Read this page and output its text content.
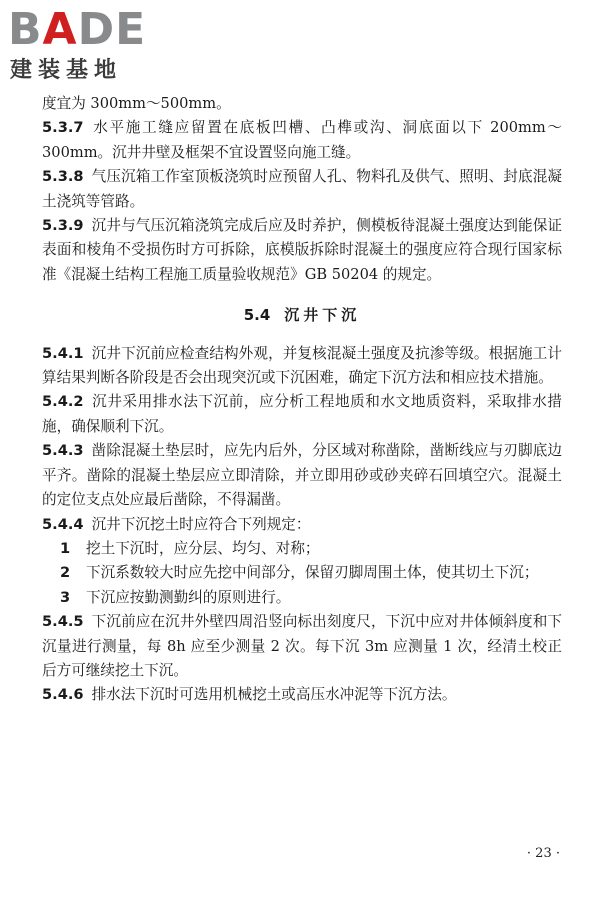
BADE
建装基地

度宜为 300mm～500mm。

5.3.7 水平施工缝应留置在底板凹槽、凸榫或沟、洞底面以下 200mm～300mm。沉井井壁及框架不宜设置竖向施工缝。

5.3.8 气压沉箱工作室顶板浇筑时应预留人孔、物料孔及供气、照明、封底混凝土浇筑等管路。

5.3.9 沉井与气压沉箱浇筑完成后应及时养护，侧模板待混凝土强度达到能保证表面和棱角不受损伤时方可拆除，底模版拆除时混凝土的强度应符合现行国家标准《混凝土结构工程施工质量验收规范》GB 50204 的规定。

5.4 沉井下沉

5.4.1 沉井下沉前应检查结构外观，并复核混凝土强度及抗渗等级。根据施工计算结果判断各阶段是否会出现突沉或下沉困难，确定下沉方法和相应技术措施。

5.4.2 沉井采用排水法下沉前，应分析工程地质和水文地质资料，采取排水措施，确保顺利下沉。

5.4.3 凿除混凝土垫层时，应先内后外，分区域对称凿除，凿断线应与刃脚底边平齐。凿除的混凝土垫层应立即清除，并立即用砂或砂夹碎石回填空穴。混凝土的定位支点处应最后凿除，不得漏凿。

5.4.4 沉井下沉挖土时应符合下列规定：

1 挖土下沉时，应分层、均匀、对称；

2 下沉系数较大时应先挖中间部分，保留刃脚周围土体，使其切土下沉；

3 下沉应按勤测勤纠的原则进行。

5.4.5 下沉前应在沉井外壁四周沿竖向标出刻度尺，下沉中应对井体倾斜度和下沉量进行测量，每 8h 应至少测量 2 次。每下沉 3m 应测量 1 次，经清土校正后方可继续挖土下沉。

5.4.6 排水法下沉时可选用机械挖土或高压水冲泥等下沉方法。

· 23 ·
